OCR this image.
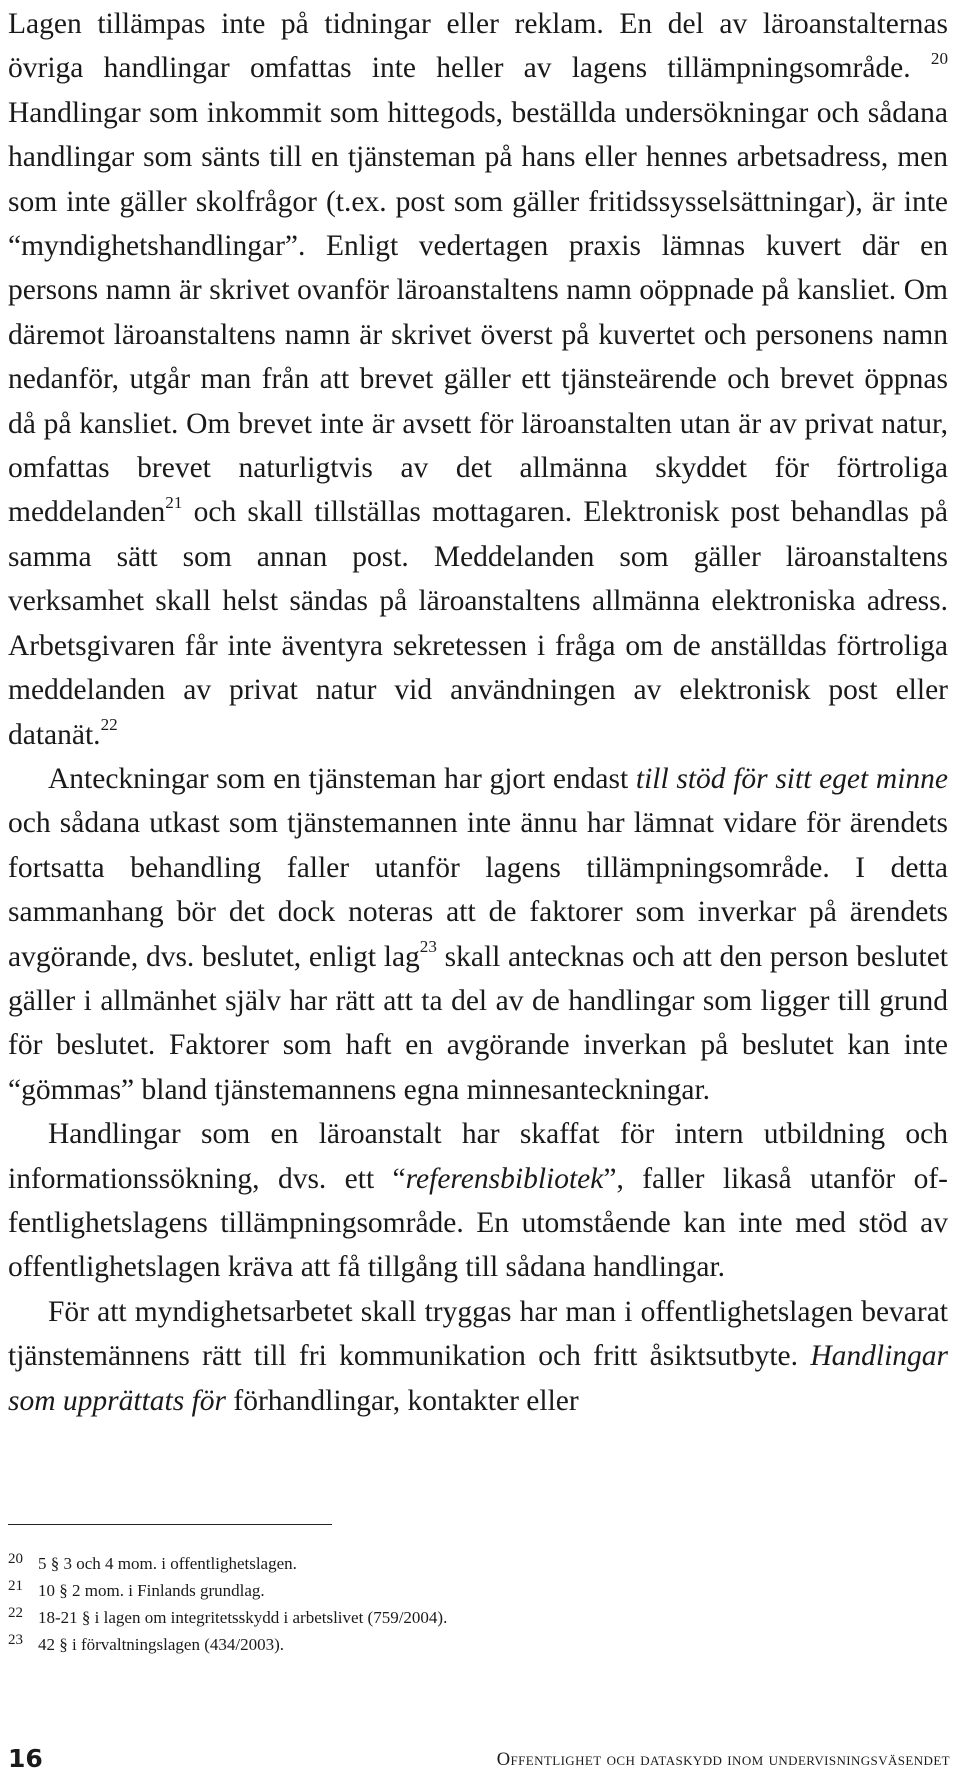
Lagen tillämpas inte på tidningar eller reklam. En del av läroanstalternas övriga handlingar omfattas inte heller av lagens tillämpningsområde. $^{20}$ Handlingar som inkommit som hittegods, beställda undersökningar och sådana handlingar som sänts till en tjänsteman på hans eller hennes arbetsadress, men som inte gäller skolfrågor (t.ex. post som gäller fritidssysselsättningar), är inte “myndighetshandlingar”. Enligt vedertagen praxis lämnas kuvert där en persons namn är skrivet ovanför läroanstaltens namn oöppnade på kansliet. Om däremot läroanstaltens namn är skrivet överst på kuvertet och personens namn nedanför, utgår man från att brevet gäller ett tjänsteärende och brevet öppnas då på kansliet. Om brevet inte är avsett för läroanstalten utan är av privat natur, omfattas brevet naturligtvis av det allmänna skyddet för förtroliga meddelanden$^{21}$ och skall tillställas mottagaren. Elektronisk post behandlas på samma sätt som annan post. Meddelanden som gäller läroanstaltens verksamhet skall helst sändas på läroanstaltens allmänna elektroniska adress. Arbetsgivaren får inte äventyra sekretessen i fråga om de anställdas förtroliga meddelanden av privat natur vid användningen av elektronisk post eller datanät.$^{22}$

Anteckningar som en tjänsteman har gjort endast till stöd för sitt eget minne och sådana utkast som tjänstemannen inte ännu har lämnat vidare för ärendets fortsatta behandling faller utanför lagens tillämpningsområde. I detta sammanhang bör det dock noteras att de faktorer som inverkar på ärendets avgörande, dvs. beslutet, enligt lag$^{23}$ skall antecknas och att den person beslutet gäller i allmänhet själv har rätt att ta del av de handlingar som ligger till grund för beslutet. Faktorer som haft en avgörande inverkan på beslutet kan inte “gömmas” bland tjänstemannens egna minnesanteckningar.

Handlingar som en läroanstalt har skaffat för intern utbildning och informationssökning, dvs. ett “referensbibliotek”, faller likaså utanför offentlighetslagens tillämpningsområde. En utomstående kan inte med stöd av offentlighetslagen kräva att få tillgång till sådana handlingar.

För att myndighetsarbetet skall tryggas har man i offentlighetslagen bevarat tjänstemännens rätt till fri kommunikation och fritt åsiktsutbyte. Handlingar som upprättats för förhandlingar, kontakter eller

20 5 § 3 och 4 mom. i offentlighetslagen.
21 10 § 2 mom. i Finlands grundlag.
22 18-21 § i lagen om integritetsskydd i arbetslivet (759/2004).
23 42 § i förvaltningslagen (434/2003).
16	Offentlighet och dataskydd inom undervisningsväsendet
